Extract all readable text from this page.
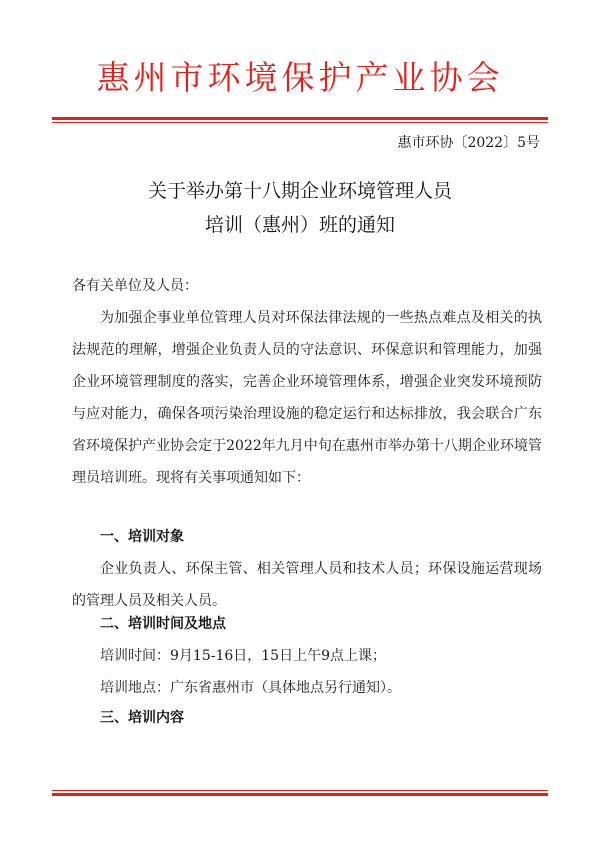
惠州市环境保护产业协会
惠市环协〔2022〕5号
关于举办第十八期企业环境管理人员
培训（惠州）班的通知
各有关单位及人员：
为加强企事业单位管理人员对环保法律法规的一些热点难点及相关的执法规范的理解，增强企业负责人员的守法意识、环保意识和管理能力，加强企业环境管理制度的落实，完善企业环境管理体系，增强企业突发环境预防与应对能力，确保各项污染治理设施的稳定运行和达标排放，我会联合广东省环境保护产业协会定于2022年九月中旬在惠州市举办第十八期企业环境管理员培训班。现将有关事项通知如下：
一、培训对象
企业负责人、环保主管、相关管理人员和技术人员；环保设施运营现场的管理人员及相关人员。
二、培训时间及地点
培训时间：9月15-16日，15日上午9点上课；
培训地点：广东省惠州市（具体地点另行通知）。
三、培训内容
